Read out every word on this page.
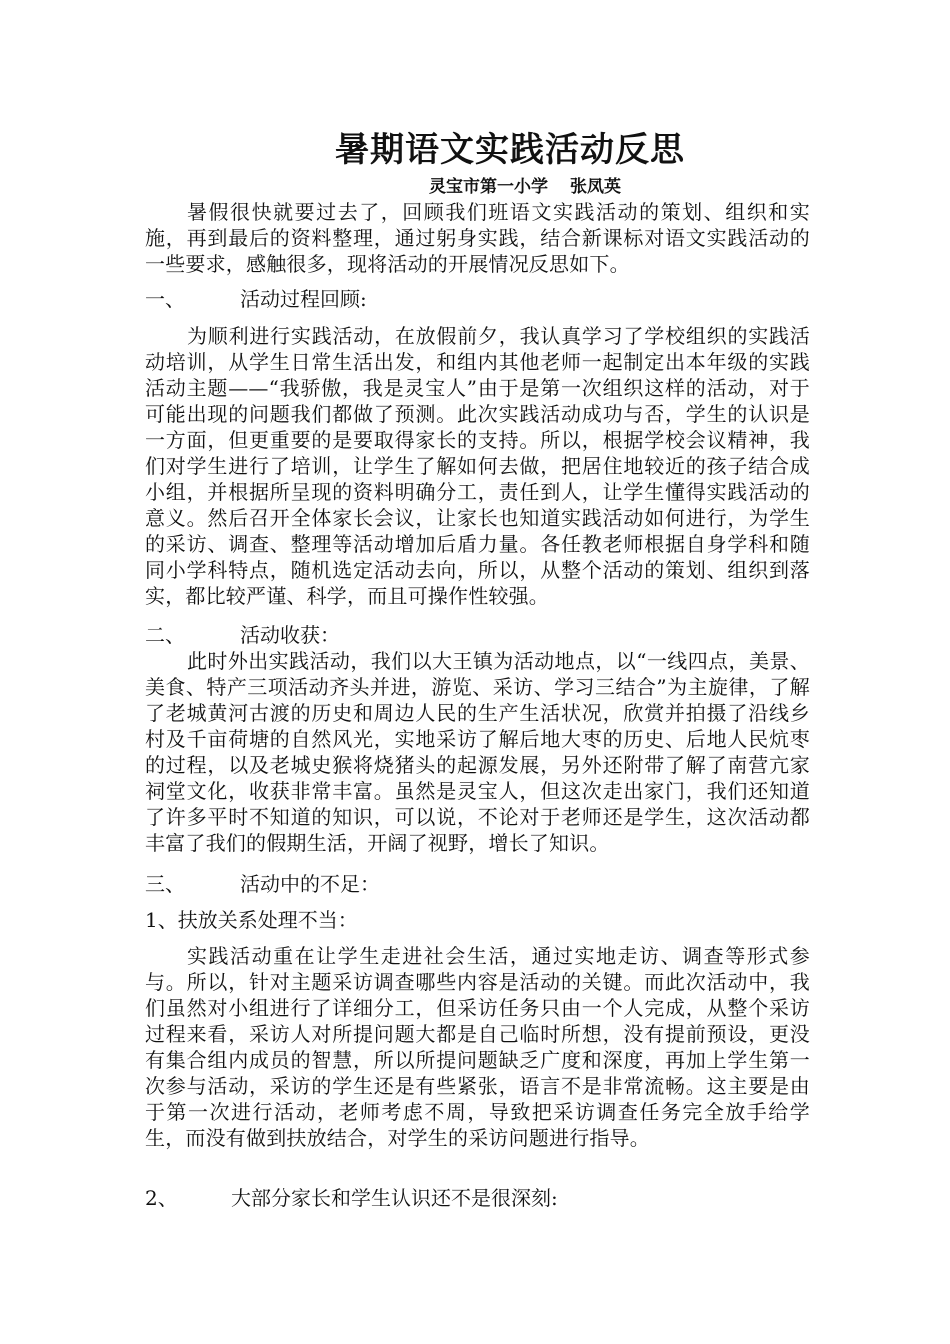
暑期语文实践活动反思
灵宝市第一小学 张凤英

暑假很快就要过去了，回顾我们班语文实践活动的策划、组织和实施，再到最后的资料整理，通过躬身实践，结合新课标对语文实践活动的一些要求，感触很多，现将活动的开展情况反思如下。

一、	活动过程回顾:

为顺利进行实践活动，在放假前夕，我认真学习了学校组织的实践活动培训，从学生日常生活出发，和组内其他老师一起制定出本年级的实践活动主题——“我骄傲，我是灵宝人”由于是第一次组织这样的活动，对于可能出现的问题我们都做了预测。此次实践活动成功与否，学生的认识是一方面，但更重要的是要取得家长的支持。所以，根据学校会议精神，我们对学生进行了培训，让学生了解如何去做，把居住地较近的孩子结合成小组，并根据所呈现的资料明确分工，责任到人，让学生懂得实践活动的意义。然后召开全体家长会议，让家长也知道实践活动如何进行，为学生的采访、调查、整理等活动增加后盾力量。各任教老师根据自身学科和随同小学科特点，随机选定活动去向，所以，从整个活动的策划、组织到落实，都比较严谨、科学，而且可操作性较强。

二、	活动收获：

此时外出实践活动，我们以大王镇为活动地点，以“一线四点，美景、美食、特产三项活动齐头并进，游览、采访、学习三结合”为主旋律，了解了老城黄河古渡的历史和周边人民的生产生活状况，欣赏并拍摄了沿线乡村及千亩荷塘的自然风光，实地采访了解后地大枣的历史、后地人民炕枣的过程，以及老城史猴将烧猪头的起源发展，另外还附带了解了南营亢家祠堂文化，收获非常丰富。虽然是灵宝人，但这次走出家门，我们还知道了许多平时不知道的知识，可以说，不论对于老师还是学生，这次活动都丰富了我们的假期生活，开阔了视野，增长了知识。

三、	活动中的不足：

1、扶放关系处理不当：

实践活动重在让学生走进社会生活，通过实地走访、调查等形式参与。所以，针对主题采访调查哪些内容是活动的关键。而此次活动中，我们虽然对小组进行了详细分工，但采访任务只由一个人完成，从整个采访过程来看，采访人对所提问题大都是自己临时所想，没有提前预设，更没有集合组内成员的智慧，所以所提问题缺乏广度和深度，再加上学生第一次参与活动，采访的学生还是有些紧张，语言不是非常流畅。这主要是由于第一次进行活动，老师考虑不周，导致把采访调查任务完全放手给学生，而没有做到扶放结合，对学生的采访问题进行指导。

2、	大部分家长和学生认识还不是很深刻:
